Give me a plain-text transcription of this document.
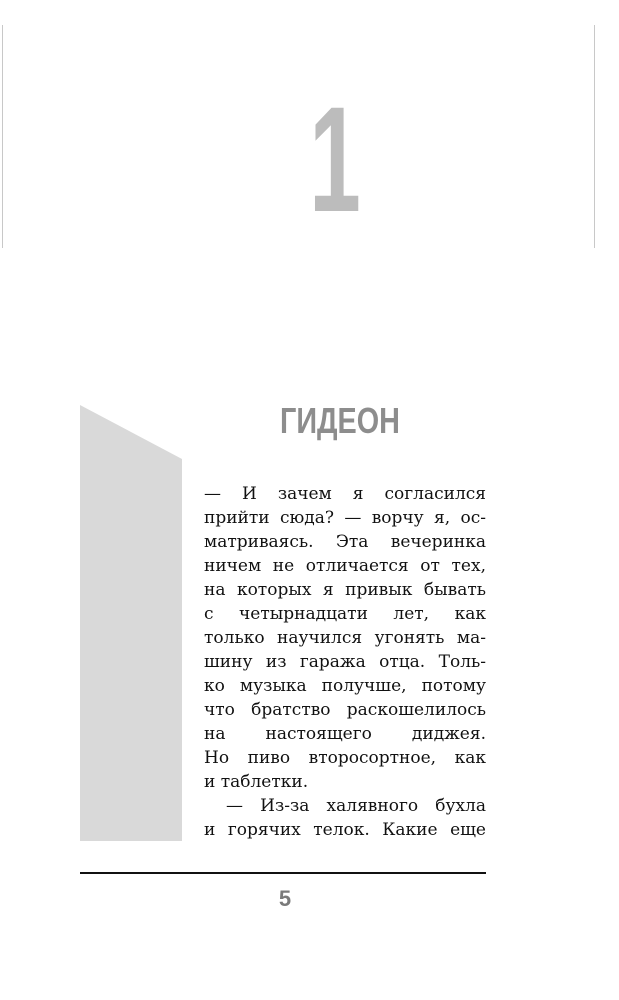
1
ГИДЕОН
— И зачем я согласился
прийти сюда? — ворчу я, ос-
матриваясь. Эта вечеринка
ничем не отличается от тех,
на которых я привык бывать
с четырнадцати лет, как
только научился угонять ма-
шину из гаража отца. Толь-
ко музыка получше, потому
что братство раскошелилось
на настоящего диджея.
Но пиво второсортное, как
и таблетки.
— Из-за халявного бухла
и горячих телок. Какие еще
5
